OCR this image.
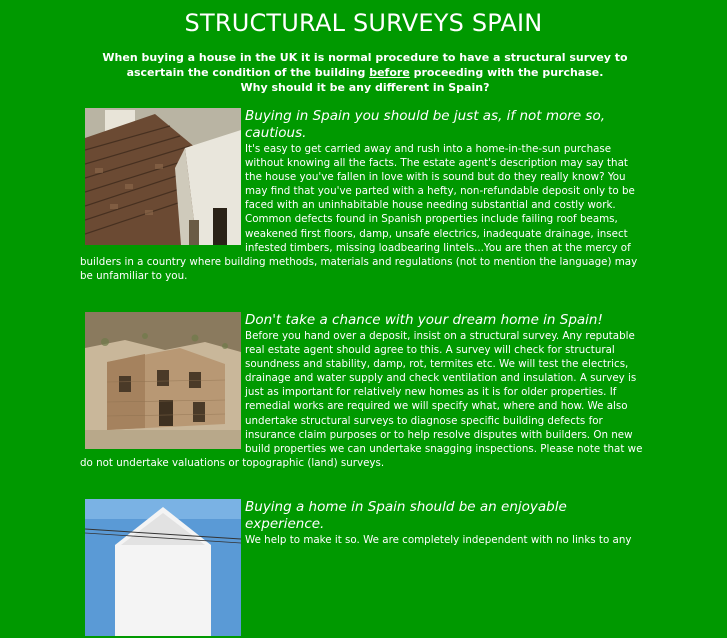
STRUCTURAL SURVEYS SPAIN
When buying a house in the UK it is normal procedure to have a structural survey to ascertain the condition of the building before proceeding with the purchase.
Why should it be any different in Spain?
Buying in Spain you should be just as, if not more so, cautious.

It's easy to get carried away and rush into a home-in-the-sun purchase without knowing all the facts. The estate agent's description may say that the house you've fallen in love with is sound but do they really know? You may find that you've parted with a hefty, non-refundable deposit only to be faced with an uninhabitable house needing substantial and costly work. Common defects found in Spanish properties include failing roof beams, weakened first floors, damp, unsafe electrics, inadequate drainage, insect infested timbers, missing loadbearing lintels...You are then at the mercy of builders in a country where building methods, materials and regulations (not to mention the language) may be unfamiliar to you.

Don't take a chance with your dream home in Spain!

Before you hand over a deposit, insist on a structural survey. Any reputable real estate agent should agree to this. A survey will check for structural soundness and stability, damp, rot, termites etc. We will test the electrics, drainage and water supply and check ventilation and insulation. A survey is just as important for relatively new homes as it is for older properties. If remedial works are required we will specify what, where and how. We also undertake structural surveys to diagnose specific building defects for insurance claim purposes or to help resolve disputes with builders. On new build properties we can undertake snagging inspections. Please note that we do not undertake valuations or topographic (land) surveys.

Buying a home in Spain should be an enjoyable experience.

We help to make it so. We are completely independent with no links to any
